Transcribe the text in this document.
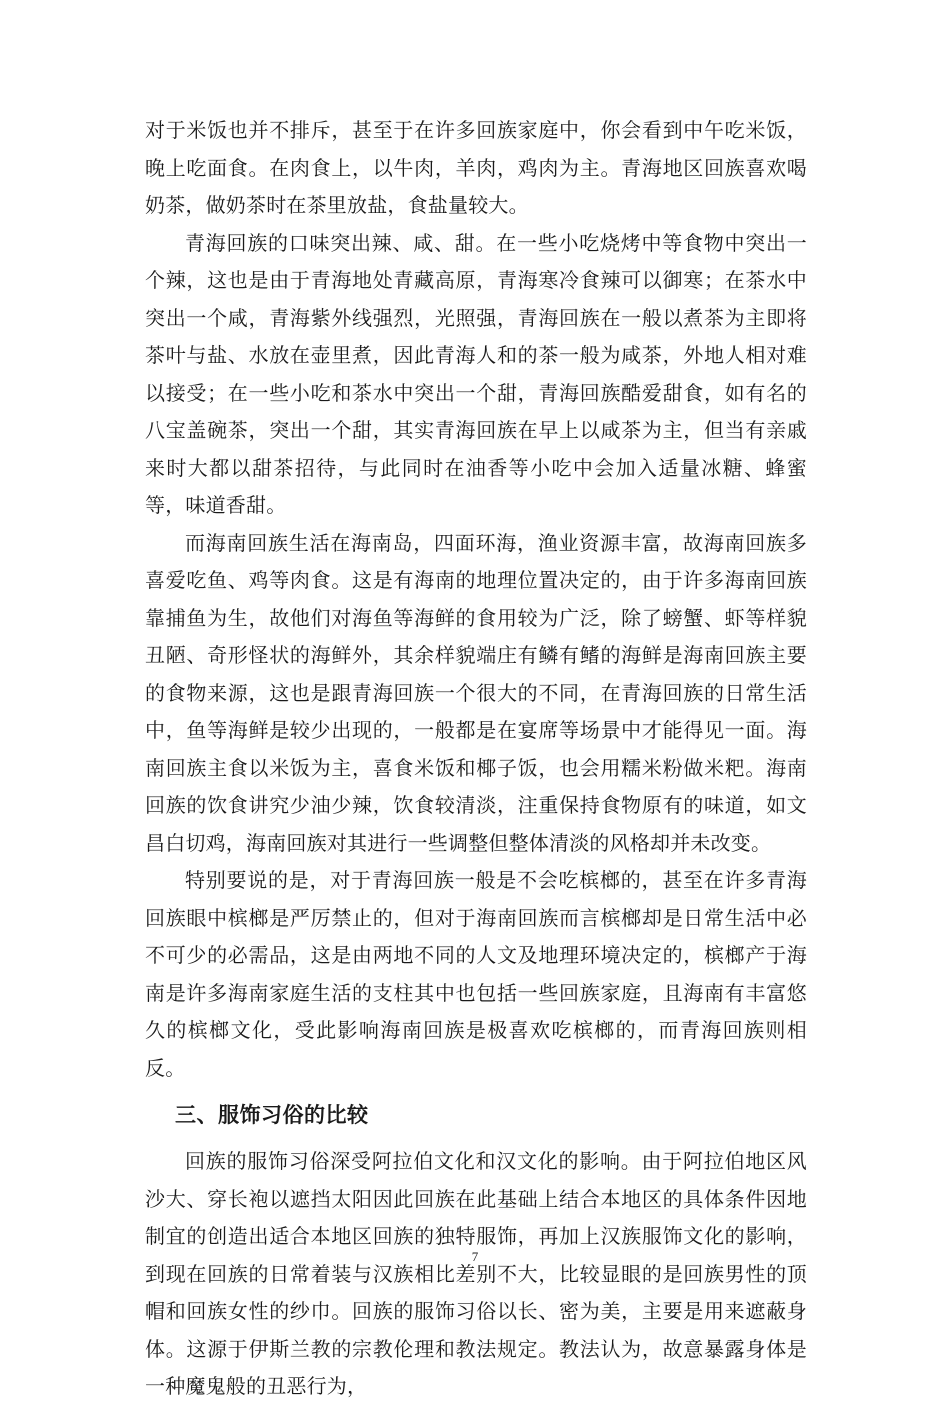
对于米饭也并不排斥，甚至于在许多回族家庭中，你会看到中午吃米饭，晚上吃面食。在肉食上，以牛肉，羊肉，鸡肉为主。青海地区回族喜欢喝奶茶，做奶茶时在茶里放盐，食盐量较大。

青海回族的口味突出辣、咸、甜。在一些小吃烧烤中等食物中突出一个辣，这也是由于青海地处青藏高原，青海寒冷食辣可以御寒；在茶水中突出一个咸，青海紫外线强烈，光照强，青海回族在一般以煮茶为主即将茶叶与盐、水放在壶里煮，因此青海人和的茶一般为咸茶，外地人相对难以接受；在一些小吃和茶水中突出一个甜，青海回族酷爱甜食，如有名的八宝盖碗茶，突出一个甜，其实青海回族在早上以咸茶为主，但当有亲戚来时大都以甜茶招待，与此同时在油香等小吃中会加入适量冰糖、蜂蜜等，味道香甜。

而海南回族生活在海南岛，四面环海，渔业资源丰富，故海南回族多喜爱吃鱼、鸡等肉食。这是有海南的地理位置决定的，由于许多海南回族靠捕鱼为生，故他们对海鱼等海鲜的食用较为广泛，除了螃蟹、虾等样貌丑陋、奇形怪状的海鲜外，其余样貌端庄有鳞有鳍的海鲜是海南回族主要的食物来源，这也是跟青海回族一个很大的不同，在青海回族的日常生活中，鱼等海鲜是较少出现的，一般都是在宴席等场景中才能得见一面。海南回族主食以米饭为主，喜食米饭和椰子饭，也会用糯米粉做米粑。海南回族的饮食讲究少油少辣，饮食较清淡，注重保持食物原有的味道，如文昌白切鸡，海南回族对其进行一些调整但整体清淡的风格却并未改变。

特别要说的是，对于青海回族一般是不会吃槟榔的，甚至在许多青海回族眼中槟榔是严厉禁止的，但对于海南回族而言槟榔却是日常生活中必不可少的必需品，这是由两地不同的人文及地理环境决定的，槟榔产于海南是许多海南家庭生活的支柱其中也包括一些回族家庭，且海南有丰富悠久的槟榔文化，受此影响海南回族是极喜欢吃槟榔的，而青海回族则相反。

三、服饰习俗的比较

回族的服饰习俗深受阿拉伯文化和汉文化的影响。由于阿拉伯地区风沙大、穿长袍以遮挡太阳因此回族在此基础上结合本地区的具体条件因地制宜的创造出适合本地区回族的独特服饰，再加上汉族服饰文化的影响，到现在回族的日常着装与汉族相比差别不大，比较显眼的是回族男性的顶帽和回族女性的纱巾。回族的服饰习俗以长、密为美，主要是用来遮蔽身体。这源于伊斯兰教的宗教伦理和教法规定。教法认为，故意暴露身体是一种魔鬼般的丑恶行为，

7
